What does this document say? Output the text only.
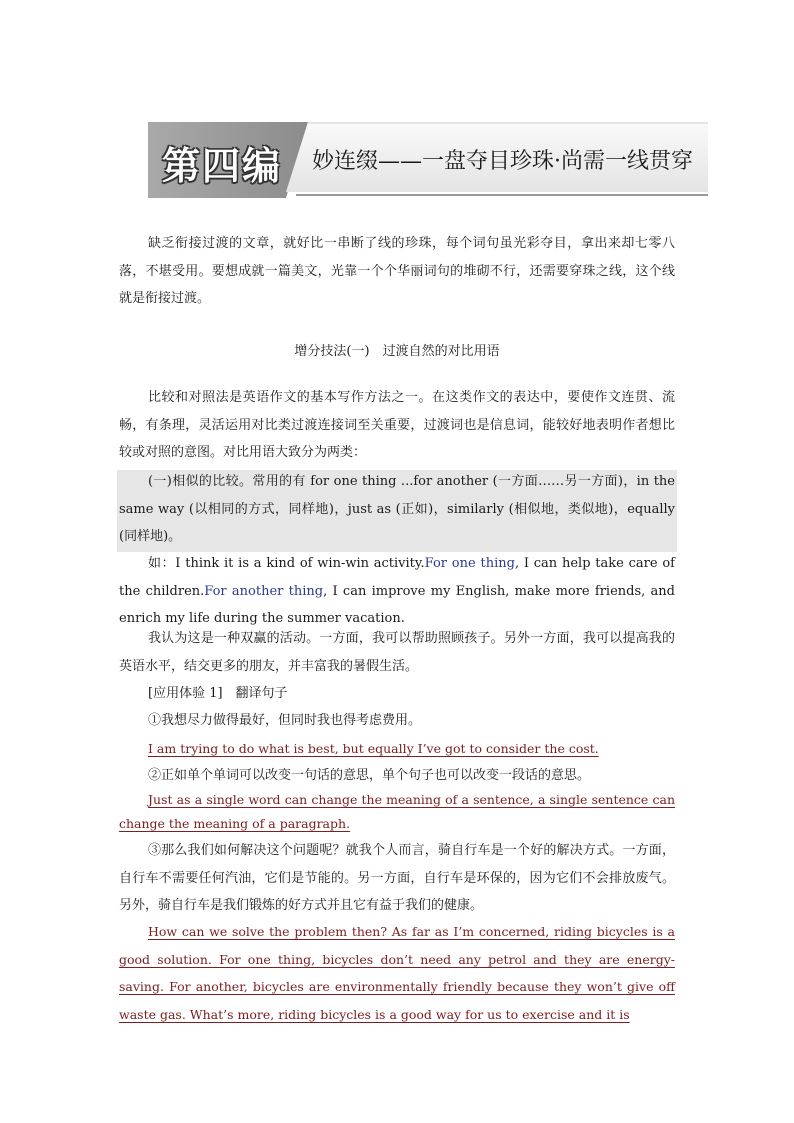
第四编 妙连缀——一盘夺目珍珠·尚需一线贯穿
缺乏衔接过渡的文章，就好比一串断了线的珍珠，每个词句虽光彩夺目，拿出来却七零八落，不堪受用。要想成就一篇美文，光靠一个个华丽词句的堆砌不行，还需要穿珠之线，这个线就是衔接过渡。
增分技法(一)　过渡自然的对比用语
比较和对照法是英语作文的基本写作方法之一。在这类作文的表达中，要使作文连贯、流畅，有条理，灵活运用对比类过渡连接词至关重要，过渡词也是信息词，能较好地表明作者想比较或对照的意图。对比用语大致分为两类：
(一)相似的比较。常用的有 for one thing ...for another (一方面……另一方面)，in the same way (以相同的方式，同样地)，just as (正如)，similarly (相似地，类似地)，equally (同样地)。
如：I think it is a kind of win-win activity.For one thing, I can help take care of the children.For another thing, I can improve my English, make more friends, and enrich my life during the summer vacation.
我认为这是一种双赢的活动。一方面，我可以帮助照顾孩子。另外一方面，我可以提高我的英语水平，结交更多的朋友，并丰富我的暑假生活。
[应用体验 1]　翻译句子
①我想尽力做得最好，但同时我也得考虑费用。
I am trying to do what is best, but equally I’ve got to consider the cost.
②正如单个单词可以改变一句话的意思，单个句子也可以改变一段话的意思。
Just as a single word can change the meaning of a sentence, a single sentence can change the meaning of a paragraph.
③那么我们如何解决这个问题呢？就我个人而言，骑自行车是一个好的解决方式。一方面，自行车不需要任何汽油，它们是节能的。另一方面，自行车是环保的，因为它们不会排放废气。另外，骑自行车是我们锻炼的好方式并且它有益于我们的健康。
How can we solve the problem then? As far as I’m concerned, riding bicycles is a good solution. For one thing, bicycles don’t need any petrol and they are energy-saving. For another, bicycles are environmentally friendly because they won’t give off waste gas. What’s more, riding bicycles is a good way for us to exercise and it is
